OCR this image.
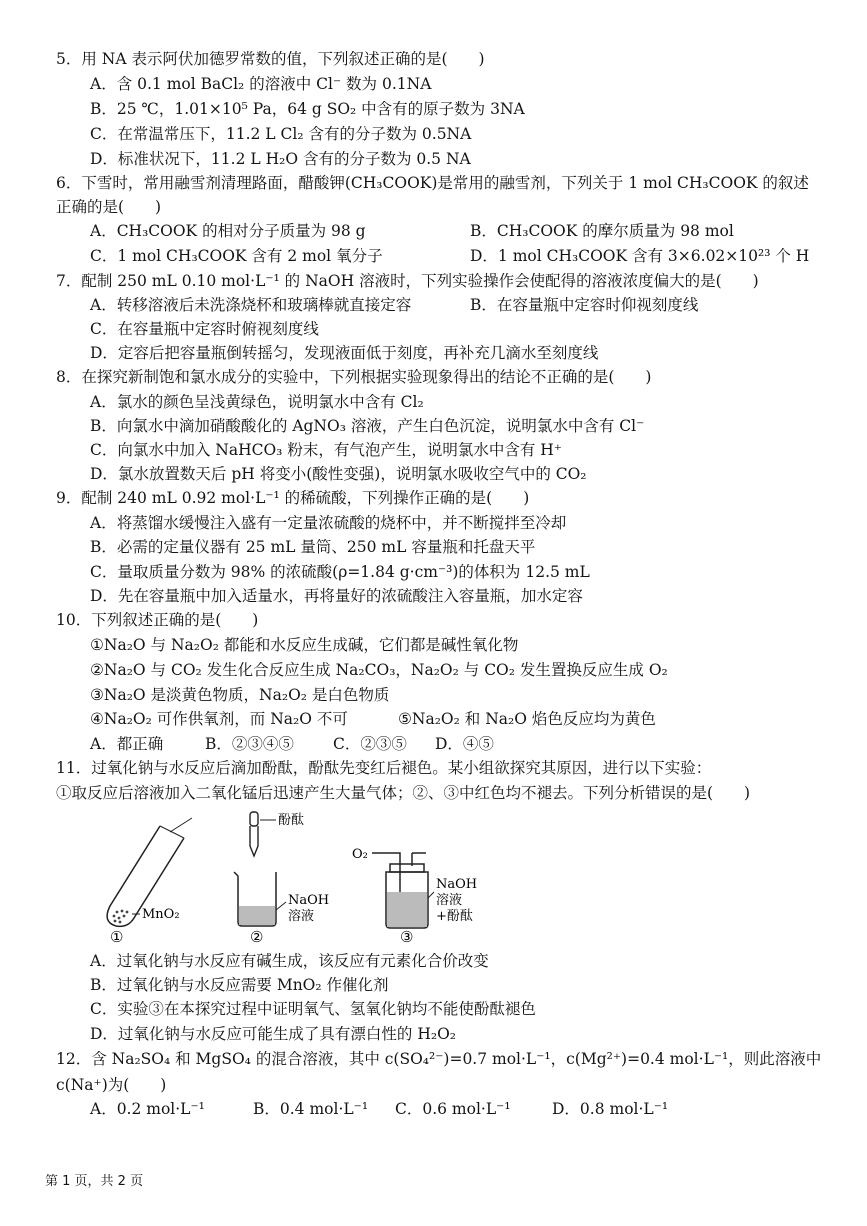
5．用 NA 表示阿伏加德罗常数的值，下列叙述正确的是(　　)
A．含 0.1 mol BaCl₂ 的溶液中 Cl⁻ 数为 0.1NA
B．25 ℃，1.01×10⁵ Pa，64 g SO₂ 中含有的原子数为 3NA
C．在常温常压下，11.2 L Cl₂ 含有的分子数为 0.5NA
D．标准状况下，11.2 L H₂O 含有的分子数为 0.5 NA
6．下雪时，常用融雪剂清理路面，醋酸钾(CH₃COOK)是常用的融雪剂，下列关于 1 mol CH₃COOK 的叙述
正确的是(　　)
A．CH₃COOK 的相对分子质量为 98 g	B．CH₃COOK 的摩尔质量为 98 mol
C．1 mol CH₃COOK 含有 2 mol 氧分子	D．1 mol CH₃COOK 含有 3×6.02×10²³ 个 H
7．配制 250 mL 0.10 mol·L⁻¹ 的 NaOH 溶液时，下列实验操作会使配得的溶液浓度偏大的是(　　)
A．转移溶液后未洗涤烧杯和玻璃棒就直接定容	B．在容量瓶中定容时仰视刻度线
C．在容量瓶中定容时俯视刻度线
D．定容后把容量瓶倒转摇匀，发现液面低于刻度，再补充几滴水至刻度线
8．在探究新制饱和氯水成分的实验中，下列根据实验现象得出的结论不正确的是(　　)
A．氯水的颜色呈浅黄绿色，说明氯水中含有 Cl₂
B．向氯水中滴加硝酸酸化的 AgNO₃ 溶液，产生白色沉淀，说明氯水中含有 Cl⁻
C．向氯水中加入 NaHCO₃ 粉末，有气泡产生，说明氯水中含有 H⁺
D．氯水放置数天后 pH 将变小(酸性变强)，说明氯水吸收空气中的 CO₂
9．配制 240 mL 0.92 mol·L⁻¹ 的稀硫酸，下列操作正确的是(　　)
A．将蒸馏水缓慢注入盛有一定量浓硫酸的烧杯中，并不断搅拌至冷却
B．必需的定量仪器有 25 mL 量筒、250 mL 容量瓶和托盘天平
C．量取质量分数为 98% 的浓硫酸(ρ=1.84 g·cm⁻³)的体积为 12.5 mL
D．先在容量瓶中加入适量水，再将量好的浓硫酸注入容量瓶，加水定容
10．下列叙述正确的是(　　)
①Na₂O 与 Na₂O₂ 都能和水反应生成碱，它们都是碱性氧化物
②Na₂O 与 CO₂ 发生化合反应生成 Na₂CO₃，Na₂O₂ 与 CO₂ 发生置换反应生成 O₂
③Na₂O 是淡黄色物质，Na₂O₂ 是白色物质
④Na₂O₂ 可作供氧剂，而 Na₂O 不可	⑤Na₂O₂ 和 Na₂O 焰色反应均为黄色
A．都正确	B．②③④⑤	C．②③⑤ D．④⑤
11．过氧化钠与水反应后滴加酚酞，酚酞先变红后褪色。某小组欲探究其原因，进行以下实验：
①取反应后溶液加入二氧化锰后迅速产生大量气体；②、③中红色均不褪去。下列分析错误的是(　　)
MnO₂
①
酚酞
NaOH
溶液
②
O₂
NaOH
溶液
+酚酞
③
A．过氧化钠与水反应有碱生成，该反应有元素化合价改变
B．过氧化钠与水反应需要 MnO₂ 作催化剂
C．实验③在本探究过程中证明氧气、氢氧化钠均不能使酚酞褪色
D．过氧化钠与水反应可能生成了具有漂白性的 H₂O₂
12．含 Na₂SO₄ 和 MgSO₄ 的混合溶液，其中 c(SO₄²⁻)=0.7 mol·L⁻¹，c(Mg²⁺)=0.4 mol·L⁻¹，则此溶液中
c(Na⁺)为(　　)
A．0.2 mol·L⁻¹	B．0.4 mol·L⁻¹ C．0.6 mol·L⁻¹	D．0.8 mol·L⁻¹
第 1 页，共 2 页
